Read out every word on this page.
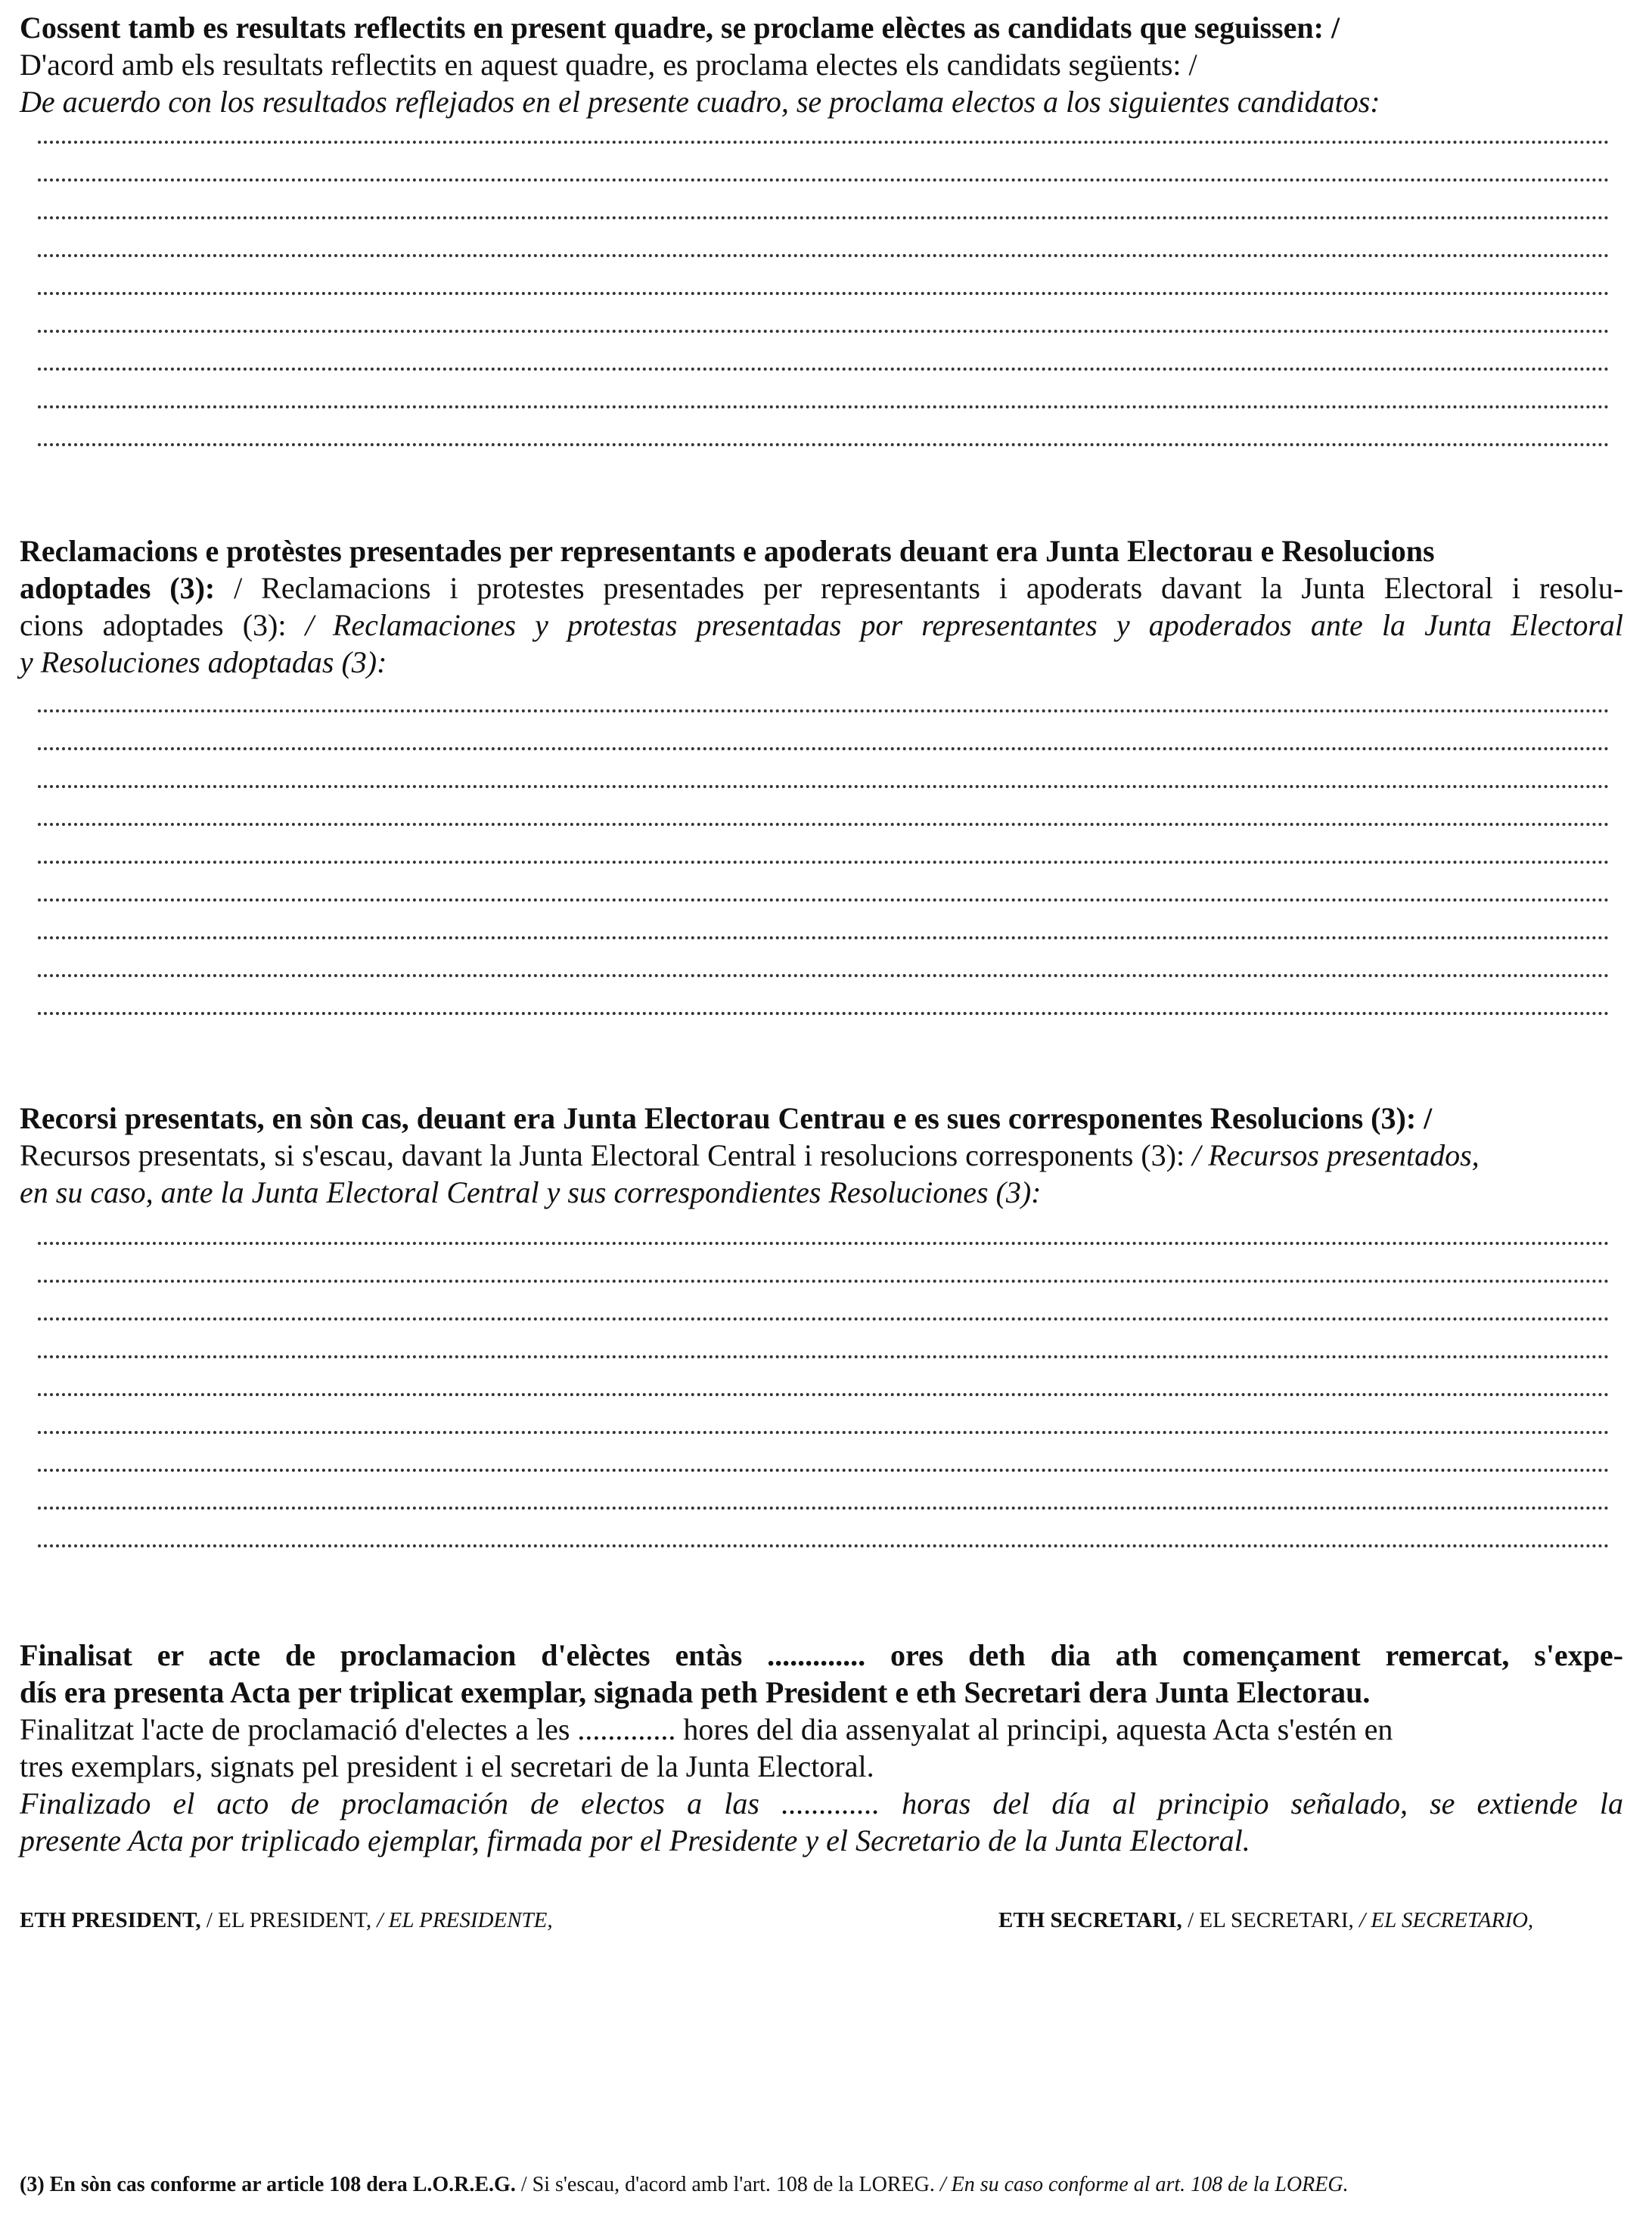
Cossent tamb es resultats reflectits en present quadre, se proclame elèctes as candidats que seguissen: /
D'acord amb els resultats reflectits en aquest quadre, es proclama electes els candidats següents: /
De acuerdo con los resultados reflejados en el presente cuadro, se proclama electos a los siguientes candidatos:
Reclamacions e protèstes presentades per representants e apoderats deuant era Junta Electorau e Resolucions
adoptades (3): / Reclamacions i protestes presentades per representants i apoderats davant la Junta Electoral i resolu-
cions adoptades (3): / Reclamaciones y protestas presentadas por representantes y apoderados ante la Junta Electoral
y Resoluciones adoptadas (3):
Recorsi presentats, en sòn cas, deuant era Junta Electorau Centrau e es sues corresponentes Resolucions (3): /
Recursos presentats, si s'escau, davant la Junta Electoral Central i resolucions corresponents (3): / Recursos presentados,
en su caso, ante la Junta Electoral Central y sus correspondientes Resoluciones (3):
Finalisat er acte de proclamacion d'elèctes entàs ............. ores deth dia ath començament remercat, s'expe-
dís era presenta Acta per triplicat exemplar, signada peth President e eth Secretari dera Junta Electorau.
Finalitzat l'acte de proclamació d'electes a les ............. hores del dia assenyalat al principi, aquesta Acta s'estén en
tres exemplars, signats pel president i el secretari de la Junta Electoral.
Finalizado el acto de proclamación de electos a las ............. horas del día al principio señalado, se extiende la
presente Acta por triplicado ejemplar, firmada por el Presidente y el Secretario de la Junta Electoral.
ETH PRESIDENT, / EL PRESIDENT, / EL PRESIDENTE,	ETH SECRETARI, / EL SECRETARI, / EL SECRETARIO,
(3) En sòn cas conforme ar article 108 dera L.O.R.E.G. / Si s'escau, d'acord amb l'art. 108 de la LOREG. / En su caso conforme al art. 108 de la LOREG.
